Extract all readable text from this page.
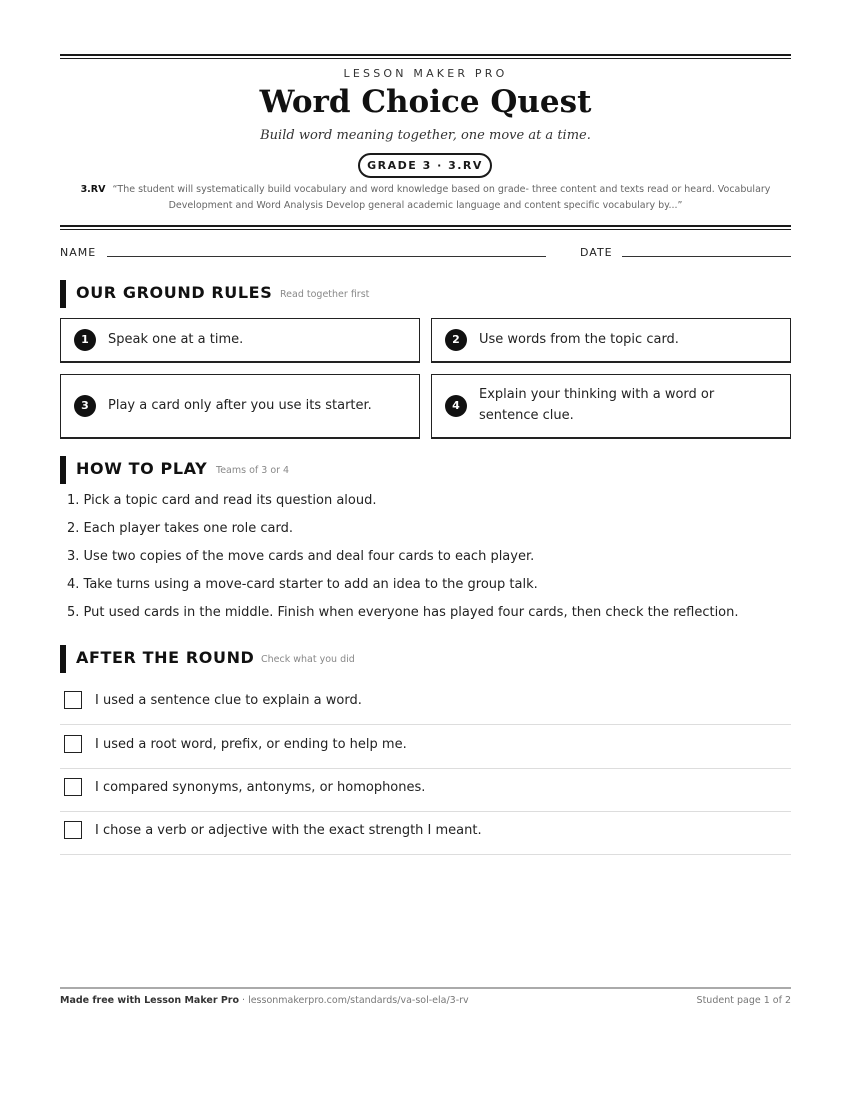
LESSON MAKER PRO
Word Choice Quest
Build word meaning together, one move at a time.
GRADE 3 · 3.RV
3.RV “The student will systematically build vocabulary and word knowledge based on grade- three content and texts read or heard. Vocabulary Development and Word Analysis Develop general academic language and content specific vocabulary by...”
NAME	DATE
OUR GROUND RULES Read together first
1	Speak one at a time.	2	Use words from the topic card.
3	Play a card only after you use its starter.	4
Explain your thinking with a word or sentence clue.
HOW TO PLAY Teams of 3 or 4
1. Pick a topic card and read its question aloud.
2. Each player takes one role card.
3. Use two copies of the move cards and deal four cards to each player.
4. Take turns using a move-card starter to add an idea to the group talk.
5. Put used cards in the middle. Finish when everyone has played four cards, then check the reflection.
AFTER THE ROUND Check what you did
I used a sentence clue to explain a word.
I used a root word, prefix, or ending to help me.
I compared synonyms, antonyms, or homophones.
I chose a verb or adjective with the exact strength I meant.
Made free with Lesson Maker Pro · lessonmakerpro.com/standards/va-sol-ela/3-rv	Student page 1 of 2
